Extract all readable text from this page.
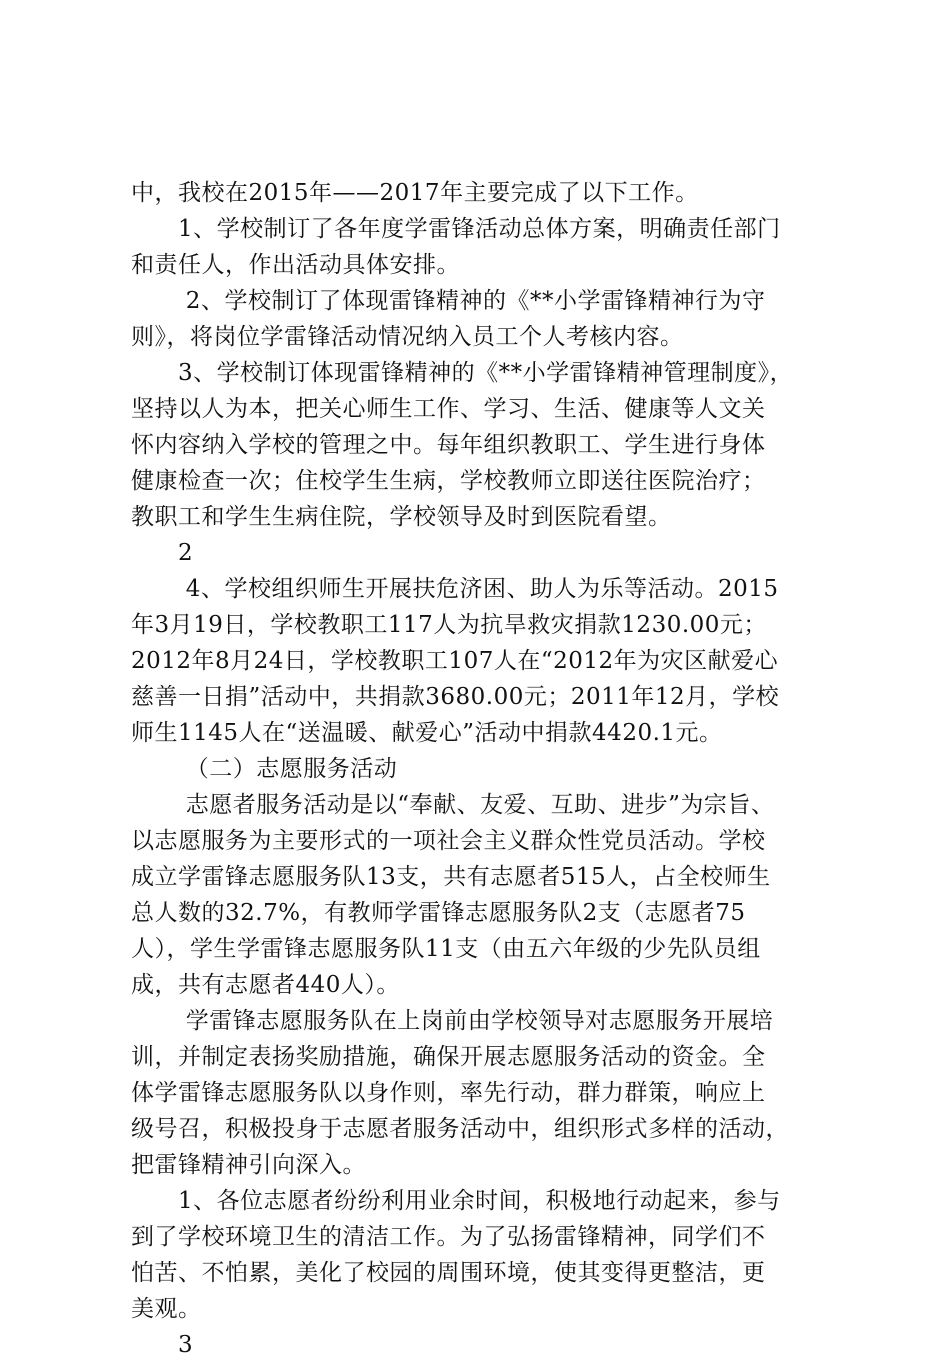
中，我校在2015年——2017年主要完成了以下工作。
　　1、学校制订了各年度学雷锋活动总体方案，明确责任部门
和责任人，作出活动具体安排。
　　 2、学校制订了体现雷锋精神的《**小学雷锋精神行为守
则》，将岗位学雷锋活动情况纳入员工个人考核内容。
　　3、学校制订体现雷锋精神的《**小学雷锋精神管理制度》，
坚持以人为本，把关心师生工作、学习、生活、健康等人文关
怀内容纳入学校的管理之中。每年组织教职工、学生进行身体
健康检查一次；住校学生生病，学校教师立即送往医院治疗；
教职工和学生生病住院，学校领导及时到医院看望。
　　2
　　 4、学校组织师生开展扶危济困、助人为乐等活动。2015
年3月19日，学校教职工117人为抗旱救灾捐款1230.00元；
2012年8月24日，学校教职工107人在“2012年为灾区献爱心
慈善一日捐”活动中，共捐款3680.00元；2011年12月，学校
师生1145人在“送温暖、献爱心”活动中捐款4420.1元。
　　 （二）志愿服务活动
　　 志愿者服务活动是以“奉献、友爱、互助、进步”为宗旨、
以志愿服务为主要形式的一项社会主义群众性党员活动。学校
成立学雷锋志愿服务队13支，共有志愿者515人，占全校师生
总人数的32.7%，有教师学雷锋志愿服务队2支（志愿者75
人），学生学雷锋志愿服务队11支（由五六年级的少先队员组
成，共有志愿者440人）。
　　 学雷锋志愿服务队在上岗前由学校领导对志愿服务开展培
训，并制定表扬奖励措施，确保开展志愿服务活动的资金。全
体学雷锋志愿服务队以身作则，率先行动，群力群策，响应上
级号召，积极投身于志愿者服务活动中，组织形式多样的活动，
把雷锋精神引向深入。
　　1、各位志愿者纷纷利用业余时间，积极地行动起来，参与
到了学校环境卫生的清洁工作。为了弘扬雷锋精神，同学们不
怕苦、不怕累，美化了校园的周围环境，使其变得更整洁，更
美观。
　　3
